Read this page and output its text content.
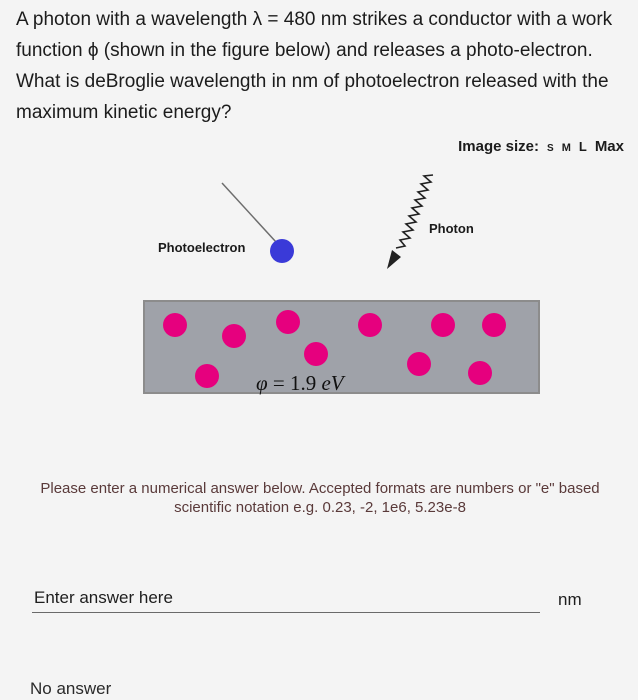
A photon with a wavelength λ = 480 nm strikes a conductor with a work function ϕ (shown in the figure below) and releases a photo-electron. What is deBroglie wavelength in nm of photoelectron released with the maximum kinetic energy?
Image size: S M L Max
Photoelectron
Photon
φ = 1.9 eV
Please enter a numerical answer below. Accepted formats are numbers or "e" based scientific notation e.g. 0.23, -2, 1e6, 5.23e-8
Enter answer here
nm
No answer
